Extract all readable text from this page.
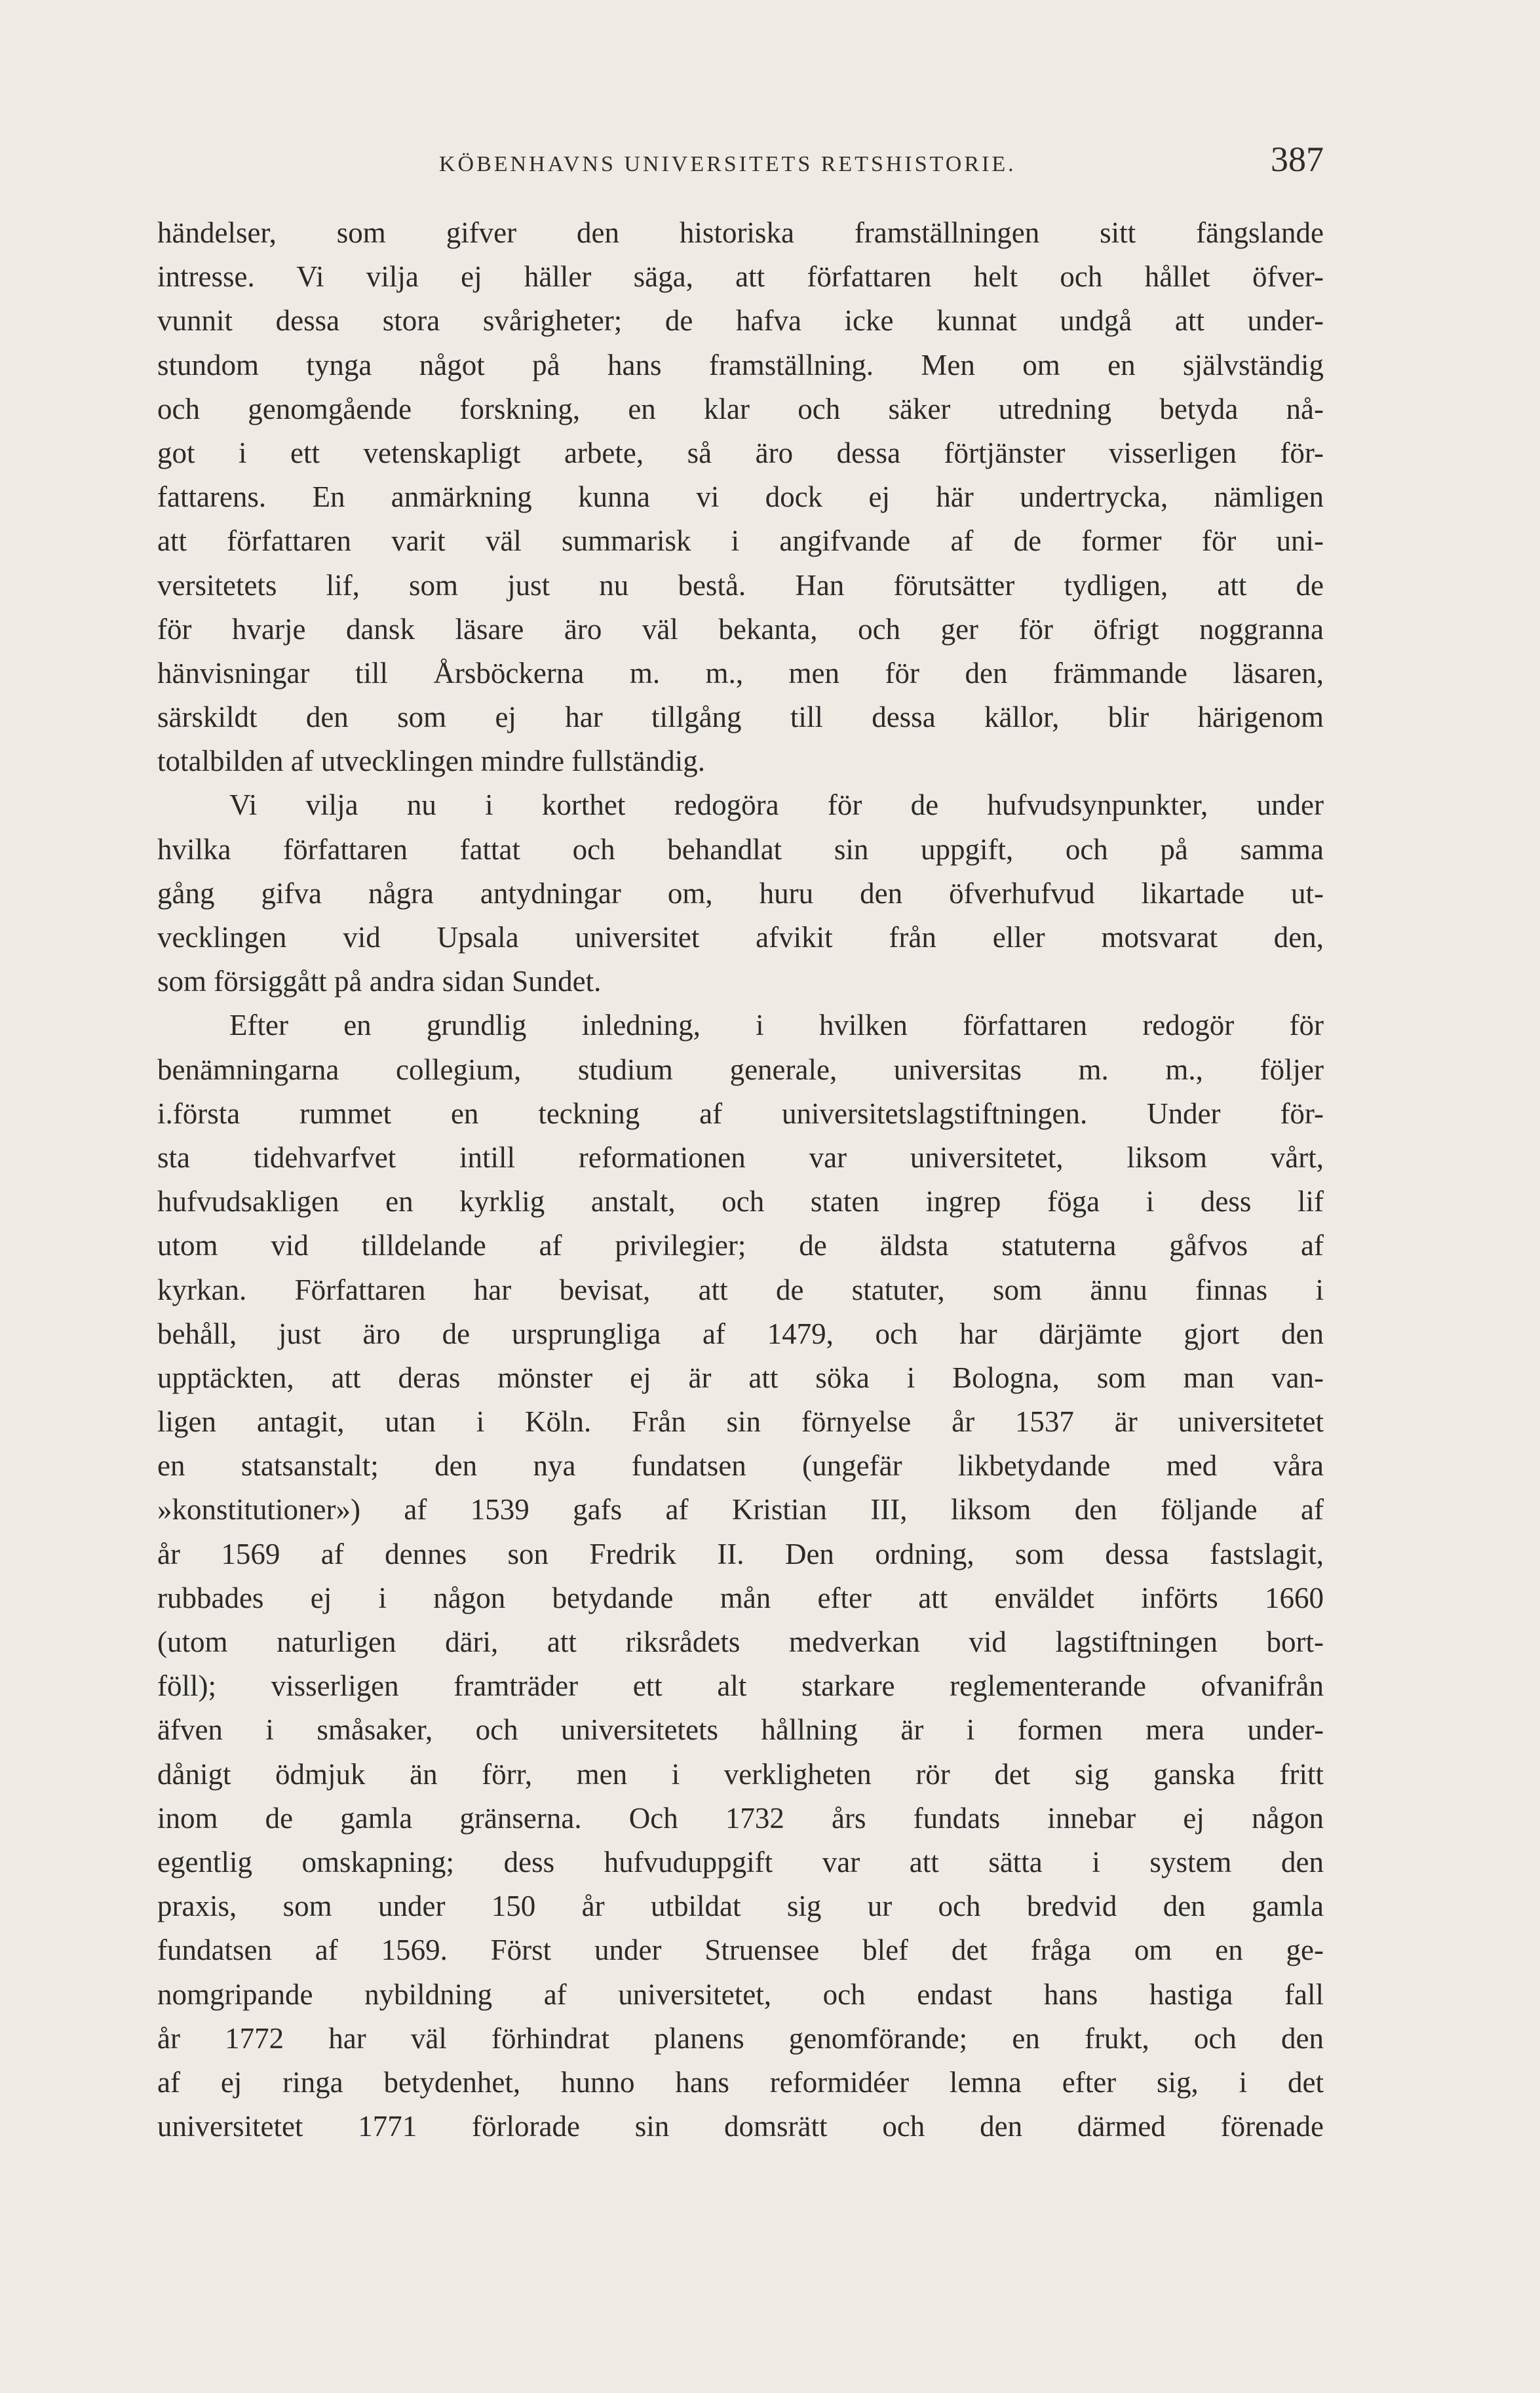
KÖBENHAVNS UNIVERSITETS RETSHISTORIE.	387
händelser, som gifver den historiska framställningen sitt fängslande
intresse. Vi vilja ej häller säga, att författaren helt och hållet öfver-
vunnit dessa stora svårigheter; de hafva icke kunnat undgå att under-
stundom tynga något på hans framställning. Men om en självständig
och genomgående forskning, en klar och säker utredning betyda nå-
got i ett vetenskapligt arbete, så äro dessa förtjänster visserligen för-
fattarens. En anmärkning kunna vi dock ej här undertrycka, nämligen
att författaren varit väl summarisk i angifvande af de former för uni-
versitetets lif, som just nu bestå. Han förutsätter tydligen, att de
för hvarje dansk läsare äro väl bekanta, och ger för öfrigt noggranna
hänvisningar till Årsböckerna m. m., men för den främmande läsaren,
särskildt den som ej har tillgång till dessa källor, blir härigenom
totalbilden af utvecklingen mindre fullständig.
Vi vilja nu i korthet redogöra för de hufvudsynpunkter, under
hvilka författaren fattat och behandlat sin uppgift, och på samma
gång gifva några antydningar om, huru den öfverhufvud likartade ut-
vecklingen vid Upsala universitet afvikit från eller motsvarat den,
som försiggått på andra sidan Sundet.
Efter en grundlig inledning, i hvilken författaren redogör för
benämningarna collegium, studium generale, universitas m. m., följer
i.första rummet en teckning af universitetslagstiftningen. Under för-
sta tidehvarfvet intill reformationen var universitetet, liksom vårt,
hufvudsakligen en kyrklig anstalt, och staten ingrep föga i dess lif
utom vid tilldelande af privilegier; de äldsta statuterna gåfvos af
kyrkan. Författaren har bevisat, att de statuter, som ännu finnas i
behåll, just äro de ursprungliga af 1479, och har därjämte gjort den
upptäckten, att deras mönster ej är att söka i Bologna, som man van-
ligen antagit, utan i Köln. Från sin förnyelse år 1537 är universitetet
en statsanstalt; den nya fundatsen (ungefär likbetydande med våra
»konstitutioner») af 1539 gafs af Kristian III, liksom den följande af
år 1569 af dennes son Fredrik II. Den ordning, som dessa fastslagit,
rubbades ej i någon betydande mån efter att enväldet införts 1660
(utom naturligen däri, att riksrådets medverkan vid lagstiftningen bort-
föll); visserligen framträder ett alt starkare reglementerande ofvanifrån
äfven i småsaker, och universitetets hållning är i formen mera under-
dånigt ödmjuk än förr, men i verkligheten rör det sig ganska fritt
inom de gamla gränserna. Och 1732 års fundats innebar ej någon
egentlig omskapning; dess hufvuduppgift var att sätta i system den
praxis, som under 150 år utbildat sig ur och bredvid den gamla
fundatsen af 1569. Först under Struensee blef det fråga om en ge-
nomgripande nybildning af universitetet, och endast hans hastiga fall
år 1772 har väl förhindrat planens genomförande; en frukt, och den
af ej ringa betydenhet, hunno hans reformidéer lemna efter sig, i det
universitetet 1771 förlorade sin domsrätt och den därmed förenade
